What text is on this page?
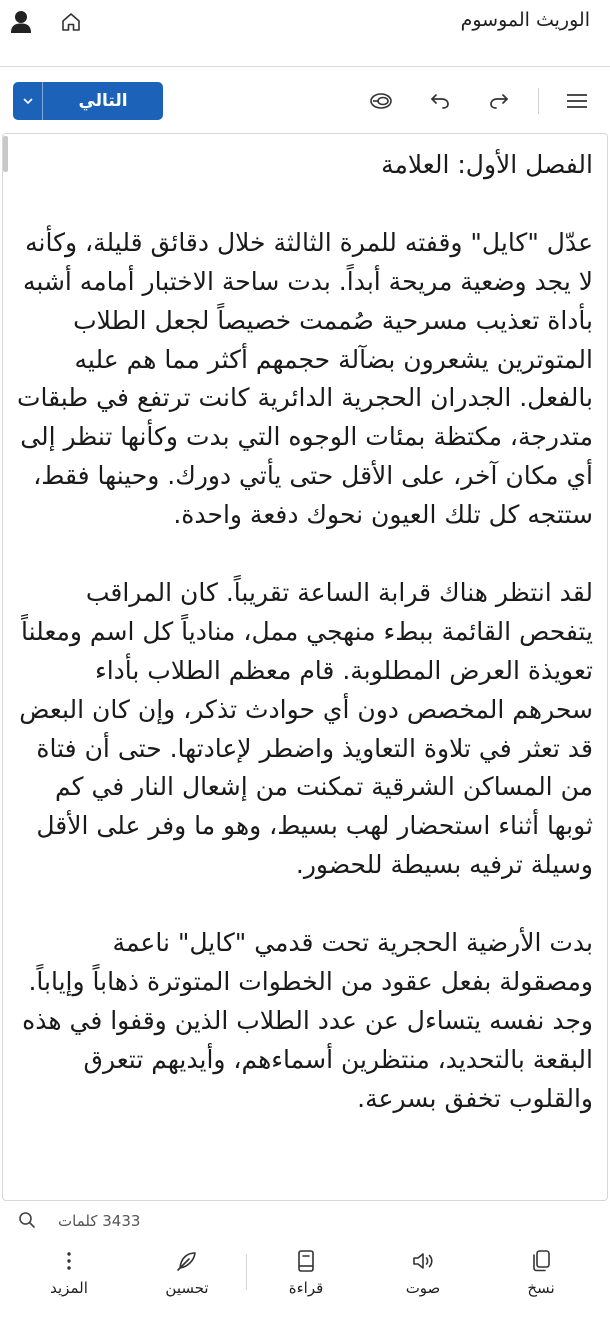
الوريث الموسوم
التالي

الفصل الأول: العلامة

عدّل "كايل" وقفته للمرة الثالثة خلال دقائق قليلة، وكأنه لا يجد وضعية مريحة أبداً. بدت ساحة الاختبار أمامه أشبه بأداة تعذيب مسرحية صُممت خصيصاً لجعل الطلاب المتوترين يشعرون بضآلة حجمهم أكثر مما هم عليه بالفعل. الجدران الحجرية الدائرية كانت ترتفع في طبقات متدرجة، مكتظة بمئات الوجوه التي بدت وكأنها تنظر إلى أي مكان آخر، على الأقل حتى يأتي دورك. وحينها فقط، ستتجه كل تلك العيون نحوك دفعة واحدة.

لقد انتظر هناك قرابة الساعة تقريباً. كان المراقب يتفحص القائمة ببطء منهجي ممل، منادياً كل اسم ومعلناً تعويذة العرض المطلوبة. قام معظم الطلاب بأداء سحرهم المخصص دون أي حوادث تذكر، وإن كان البعض قد تعثر في تلاوة التعاويذ واضطر لإعادتها. حتى أن فتاة من المساكن الشرقية تمكنت من إشعال النار في كم ثوبها أثناء استحضار لهب بسيط، وهو ما وفر على الأقل وسيلة ترفيه بسيطة للحضور.

بدت الأرضية الحجرية تحت قدمي "كايل" ناعمة ومصقولة بفعل عقود من الخطوات المتوترة ذهاباً وإياباً. وجد نفسه يتساءل عن عدد الطلاب الذين وقفوا في هذه البقعة بالتحديد، منتظرين أسماءهم، وأيديهم تتعرق والقلوب تخفق بسرعة.

3433 كلمات
المزيد	تحسين	قراءة	صوت	نسخ
